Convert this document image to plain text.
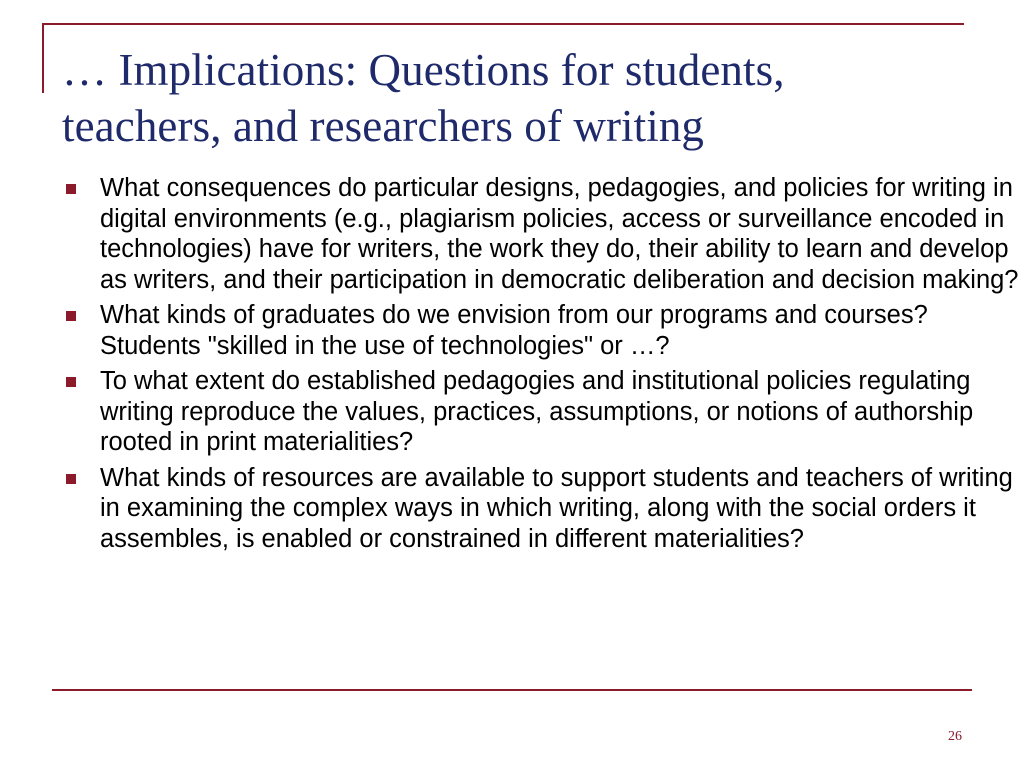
… Implications: Questions for students,
teachers, and researchers of writing
What consequences do particular designs, pedagogies, and policies for writing in digital environments (e.g., plagiarism policies, access or surveillance encoded in technologies) have for writers, the work they do, their ability to learn and develop as writers, and their participation in democratic deliberation and decision making?
What kinds of graduates do we envision from our programs and courses? Students "skilled in the use of technologies" or …?
To what extent do established pedagogies and institutional policies regulating writing reproduce the values, practices, assumptions, or notions of authorship rooted in print materialities?
What kinds of resources are available to support students and teachers of writing in examining the complex ways in which writing, along with the social orders it assembles, is enabled or constrained in different materialities?
26
